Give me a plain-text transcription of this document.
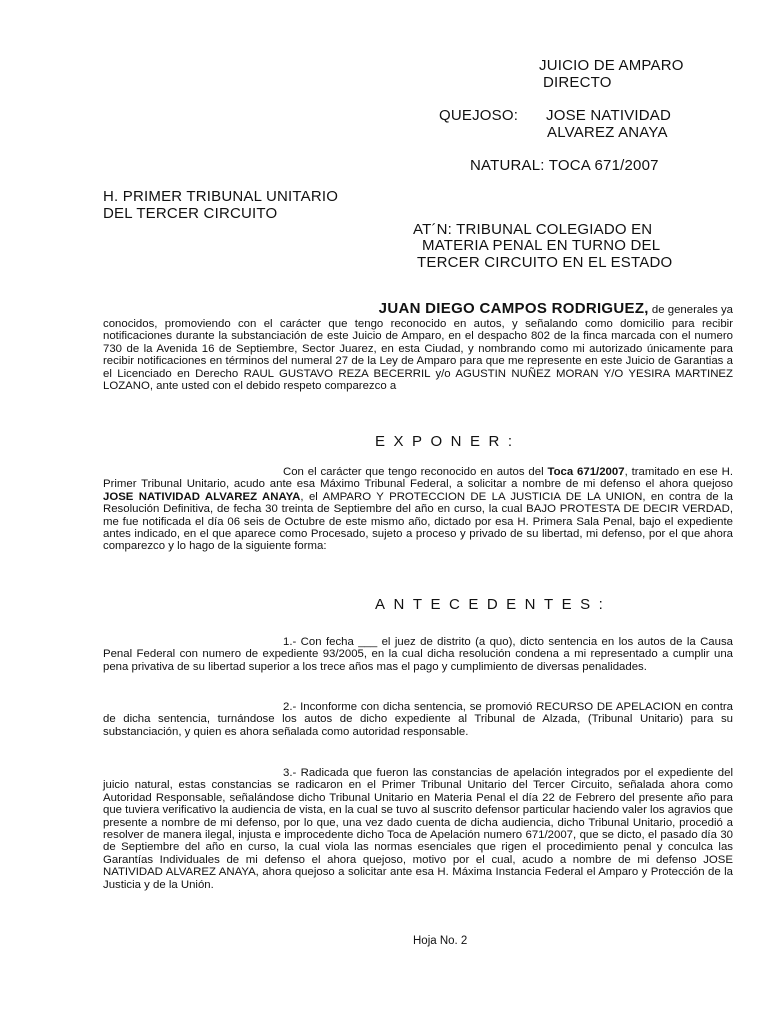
JUICIO DE AMPARO
DIRECTO
QUEJOSO: JOSE NATIVIDAD
ALVAREZ ANAYA
NATURAL: TOCA 671/2007
H. PRIMER TRIBUNAL UNITARIO
DEL TERCER CIRCUITO
AT´N: TRIBUNAL COLEGIADO EN
MATERIA PENAL EN TURNO DEL
TERCER CIRCUITO EN EL ESTADO
JUAN DIEGO CAMPOS RODRIGUEZ, de generales ya
conocidos, promoviendo con el carácter que tengo reconocido en autos, y señalando como domicilio para recibir notificaciones durante la substanciación de este Juicio de Amparo, en el despacho 802 de la finca marcada con el numero 730 de la Avenida 16 de Septiembre, Sector Juarez, en esta Ciudad, y nombrando como mi autorizado únicamente para recibir notificaciones en términos del numeral 27 de la Ley de Amparo para que me represente en este Juicio de Garantias a el Licenciado en Derecho RAUL GUSTAVO REZA BECERRIL y/o AGUSTIN NUÑEZ MORAN Y/O YESIRA MARTINEZ LOZANO, ante usted con el debido respeto comparezco a
EXPONER:
Con el carácter que tengo reconocido en autos del Toca 671/2007, tramitado en ese H. Primer Tribunal Unitario, acudo ante esa Máximo Tribunal Federal, a solicitar a nombre de mi defenso el ahora quejoso JOSE NATIVIDAD ALVAREZ ANAYA, el AMPARO Y PROTECCION DE LA JUSTICIA DE LA UNION, en contra de la Resolución Definitiva, de fecha 30 treinta de Septiembre del año en curso, la cual BAJO PROTESTA DE DECIR VERDAD, me fue notificada el día 06 seis de Octubre de este mismo año, dictado por esa H. Primera Sala Penal, bajo el expediente antes indicado, en el que aparece como Procesado, sujeto a proceso y privado de su libertad, mi defenso, por el que ahora comparezco y lo hago de la siguiente forma:
ANTECEDENTES:
1.- Con fecha ___ el juez de distrito (a quo), dicto sentencia en los autos de la Causa Penal Federal con numero de expediente 93/2005, en la cual dicha resolución condena a mi representado a cumplir una pena privativa de su libertad superior a los trece años mas el pago y cumplimiento de diversas penalidades.
2.- Inconforme con dicha sentencia, se promovió RECURSO DE APELACION en contra de dicha sentencia, turnándose los autos de dicho expediente al Tribunal de Alzada, (Tribunal Unitario) para su substanciación, y quien es ahora señalada como autoridad responsable.
3.- Radicada que fueron las constancias de apelación integrados por el expediente del juicio natural, estas constancias se radicaron en el Primer Tribunal Unitario del Tercer Circuito, señalada ahora como Autoridad Responsable, señalándose dicho Tribunal Unitario en Materia Penal el día 22 de Febrero del presente año para que tuviera verificativo la audiencia de vista, en la cual se tuvo al suscrito defensor particular haciendo valer los agravios que presente a nombre de mi defenso, por lo que, una vez dado cuenta de dicha audiencia, dicho Tribunal Unitario, procedió a resolver de manera ilegal, injusta e improcedente dicho Toca de Apelación numero 671/2007, que se dicto, el pasado día 30 de Septiembre del año en curso, la cual viola las normas esenciales que rigen el procedimiento penal y conculca las Garantías Individuales de mi defenso el ahora quejoso, motivo por el cual, acudo a nombre de mi defenso JOSE NATIVIDAD ALVAREZ ANAYA, ahora quejoso a solicitar ante esa H. Máxima Instancia Federal el Amparo y Protección de la Justicia y de la Unión.
Hoja No. 2
